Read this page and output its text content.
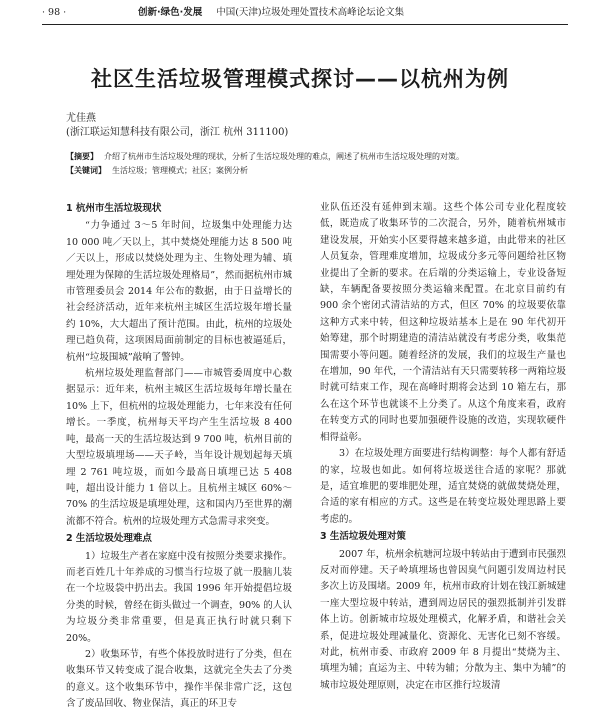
· 98 ·	创新·绿色·发展 中国(天津)垃圾处理处置技术高峰论坛论文集
社区生活垃圾管理模式探讨——以杭州为例
尤佳燕
(浙江联运知慧科技有限公司，浙江 杭州 311100)
【摘要】 介绍了杭州市生活垃圾处理的现状，分析了生活垃圾处理的难点，阐述了杭州市生活垃圾处理的对策。
【关键词】 生活垃圾；管理模式；社区；案例分析
1 杭州市生活垃圾现状

“力争通过 3～5 年时间，垃圾集中处理能力达 10 000 吨／天以上，其中焚烧处理能力达 8 500 吨／天以上，形成以焚烧处理为主、生物处理为辅、填埋处理为保障的生活垃圾处理格局”，然而据杭州市城市管理委员会 2014 年公布的数据，由于日益增长的社会经济活动，近年来杭州主城区生活垃圾年增长量约 10%，大大超出了预计范围。由此，杭州的垃圾处理已趋负荷，这项困局面前制定的目标也被逼延后，杭州“垃圾围城”敲响了警钟。

杭州垃圾处理监督部门——市城管委周度中心数据显示：近年来，杭州主城区生活垃圾每年增长量在 10% 上下，但杭州的垃圾处理能力，七年来没有任何增长。一季度，杭州每天平均产生生活垃圾 8 400 吨，最高一天的生活垃圾达到 9 700 吨，杭州目前的大型垃圾填埋场——天子岭，当年设计规划起每天填埋 2 761 吨垃圾，而如今最高日填埋已达 5 408 吨，超出设计能力 1 倍以上。且杭州主城区 60%～70% 的生活垃圾是填埋处理，这和国内乃至世界的潮流都不符合。杭州的垃圾处理方式急需寻求突变。

2 生活垃圾处理难点

1）垃圾生产者在家庭中没有按照分类要求操作。而老百姓几十年养成的习惯当行垃圾了就一股脑儿装在一个垃圾袋中扔出去。我国 1996 年开始提倡垃圾分类的时候，曾经在街头做过一个调查，90% 的人认为垃圾分类非常重要，但是真正执行时就只剩下 20%。

2）收集环节，有些个体投放时进行了分类，但在收集环节又转变成了混合收集，这就完全失去了分类的意义。这个收集环节中，操作半保非常广泛，这包含了废品回收、物业保洁，真正的环卫专

业队伍还没有延伸到末端。这些个体公司专业化程度较低，既造成了收集环节的二次混合，另外，随着杭州城市建设发展，开始实小区要得越来越多道，由此带来的社区人员复杂，管理难度增加，垃圾成分多元等问题给社区物业提出了全新的要求。在后端的分类运输上，专业设备短缺，车辆配备要按照分类运输来配置。在北京目前约有 900 余个密闭式清洁站的方式，但区 70% 的垃圾要依靠这种方式来中转，但这种垃圾站基本上是在 90 年代初开始筹建，那个时期建造的清洁站就没有考虑分类，收集范围需要小等问题。随着经济的发展，我们的垃圾生产量也在增加，90 年代，一个清洁站有天只需要转移一两箱垃圾时就可结束工作，现在高峰时期将会达到 10 箱左右，那么在这个环节也就谈不上分类了。从这个角度来看，政府在转变方式的同时也要加强硬件设施的改造，实现软硬件相得益彰。

3）在垃圾处理方面要进行结构调整：每个人都有舒适的家，垃圾也如此。如何将垃圾送往合适的家呢？那就是，适宜堆肥的要堆肥处理，适宜焚烧的就做焚烧处理，合适的家有相应的方式。这些是在转变垃圾处理思路上要考虑的。

3 生活垃圾处理对策

2007 年，杭州余杭塘河垃圾中转站由于遭到市民强烈反对而停建。天子岭填埋场也曾因臭气问题引发周边村民多次上访及围堵。2009 年，杭州市政府计划在钱江新城建一座大型垃圾中转站，遭到周边居民的强烈抵制并引发群体上访。创新城市垃圾处理模式，化解矛盾，和谐社会关系，促进垃圾处理减量化、资源化、无害化已刻不容缓。对此，杭州市委、市政府 2009 年 8 月提出“焚烧为主、填埋为辅；直运为主、中转为辅；分散为主、集中为辅”的城市垃圾处理原则，决定在市区推行垃圾清
